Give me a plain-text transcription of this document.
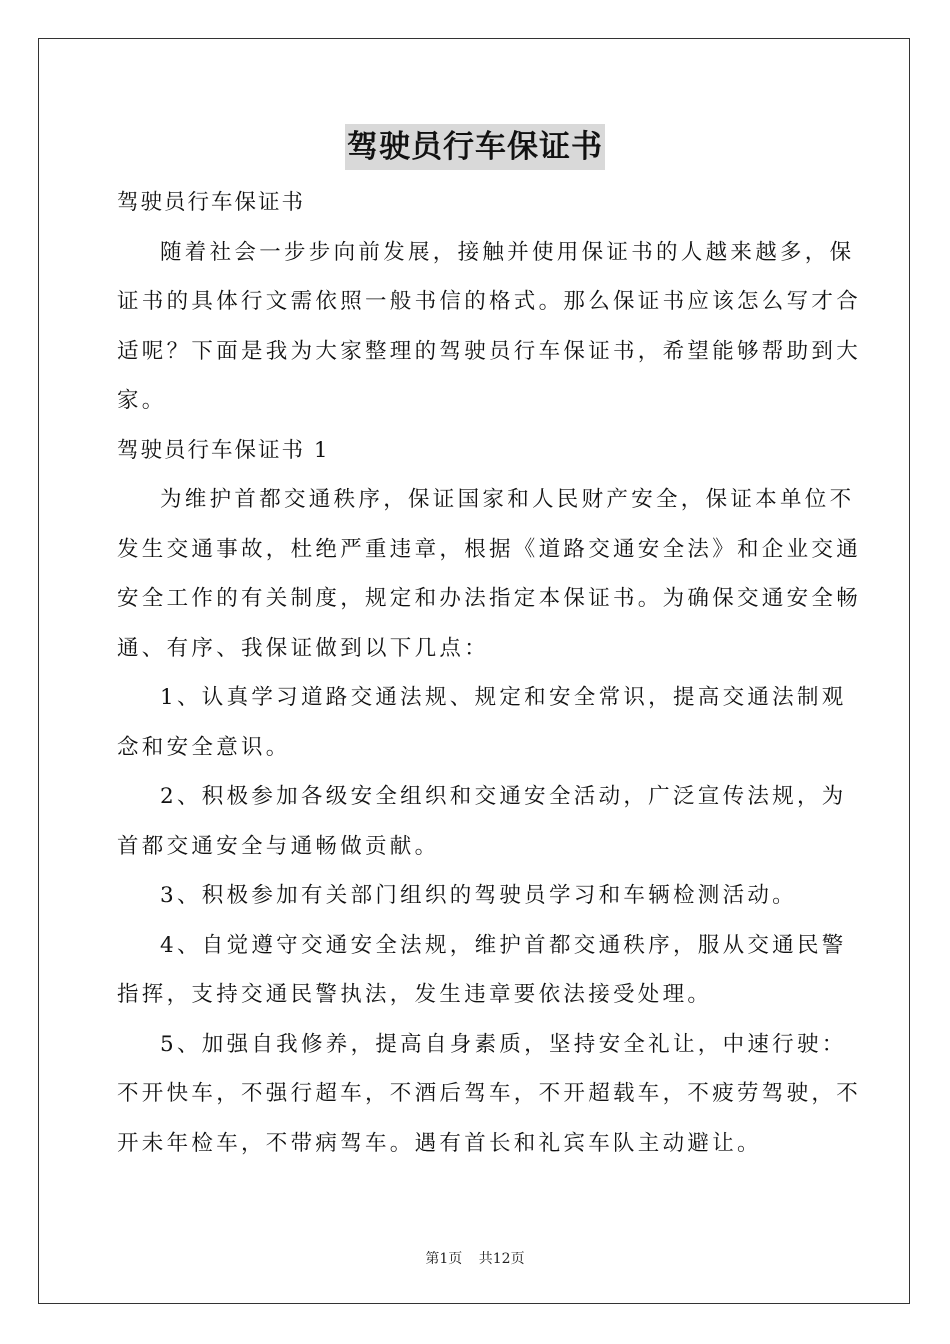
驾驶员行车保证书
驾驶员行车保证书
随着社会一步步向前发展，接触并使用保证书的人越来越多，保
证书的具体行文需依照一般书信的格式。那么保证书应该怎么写才合
适呢？下面是我为大家整理的驾驶员行车保证书，希望能够帮助到大
家。
驾驶员行车保证书 1
为维护首都交通秩序，保证国家和人民财产安全，保证本单位不
发生交通事故，杜绝严重违章，根据《道路交通安全法》和企业交通
安全工作的有关制度，规定和办法指定本保证书。为确保交通安全畅
通、有序、我保证做到以下几点：
1、认真学习道路交通法规、规定和安全常识，提高交通法制观
念和安全意识。
2、积极参加各级安全组织和交通安全活动，广泛宣传法规，为
首都交通安全与通畅做贡献。
3、积极参加有关部门组织的驾驶员学习和车辆检测活动。
4、自觉遵守交通安全法规，维护首都交通秩序，服从交通民警
指挥，支持交通民警执法，发生违章要依法接受处理。
5、加强自我修养，提高自身素质，坚持安全礼让，中速行驶：
不开快车，不强行超车，不酒后驾车，不开超载车，不疲劳驾驶，不
开未年检车，不带病驾车。遇有首长和礼宾车队主动避让。
第1页 共12页
